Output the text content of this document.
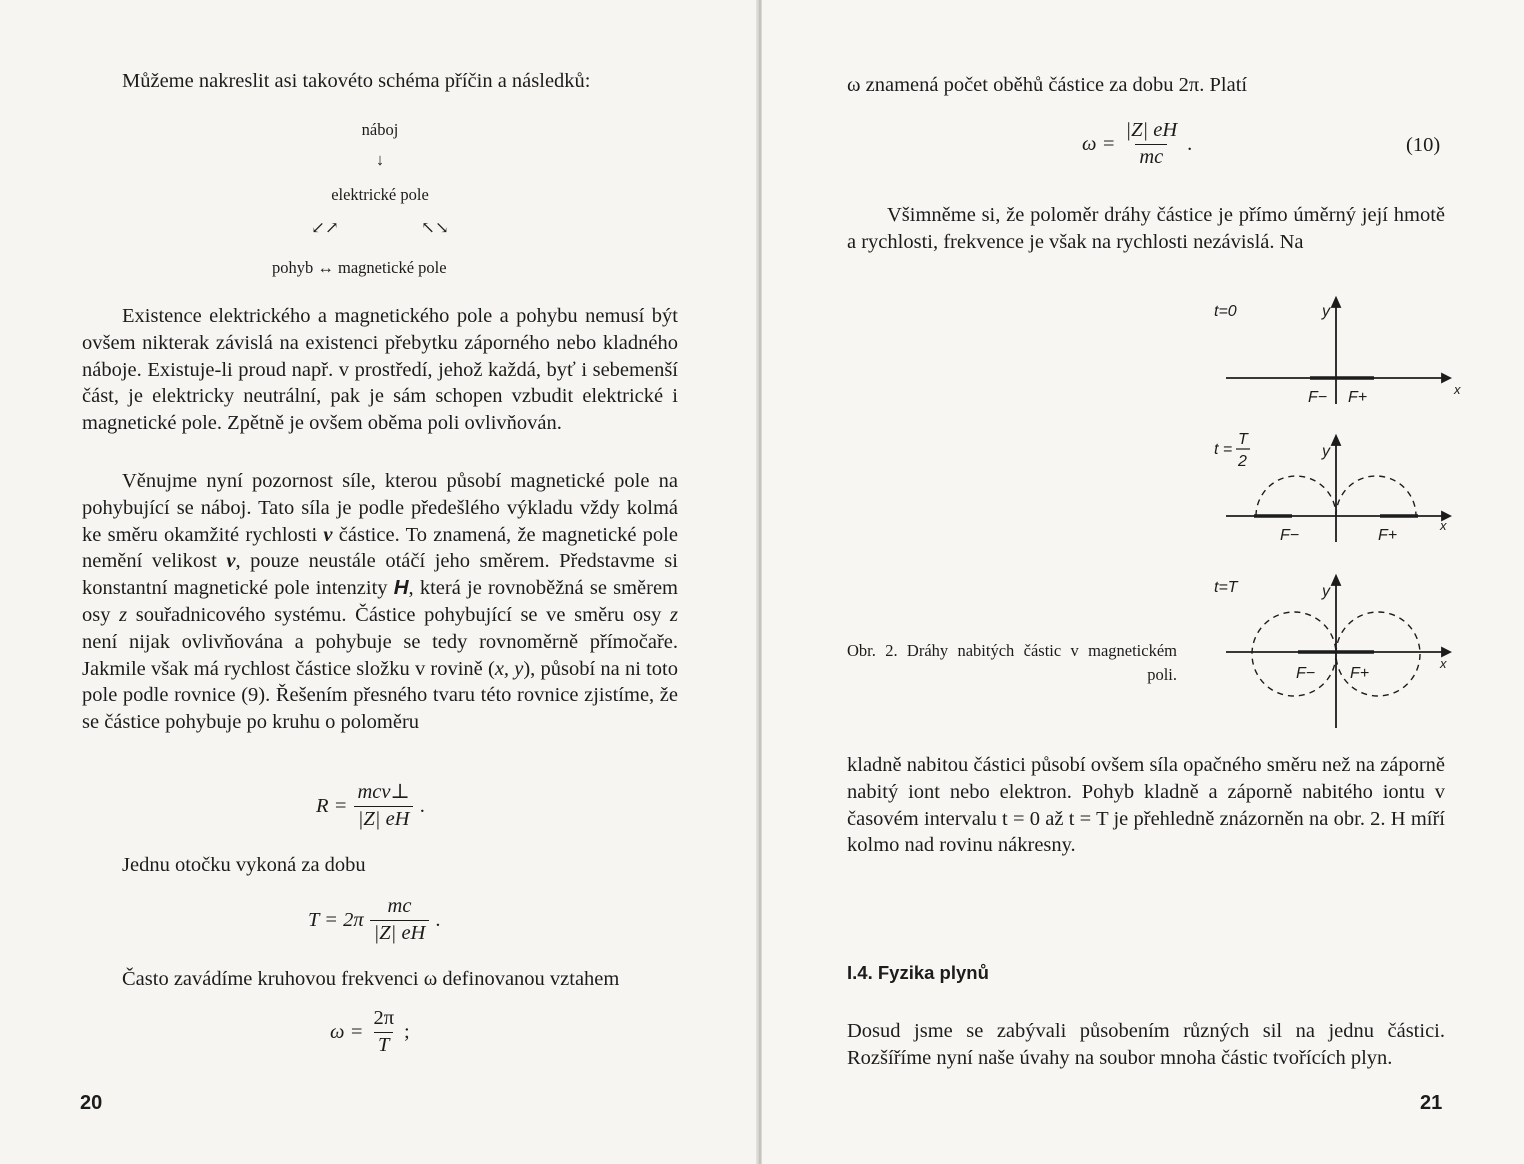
Můžeme nakreslit asi takovéto schéma příčin a následků:

náboj
↓
elektrické pole
↙↗	↖↘
pohyb ↔ magnetické pole

Existence elektrického a magnetického pole a pohybu nemusí být ovšem nikterak závislá na existenci přebytku záporného nebo kladného náboje. Existuje-li proud např. v prostředí, jehož každá, byť i sebemenší část, je elektricky neutrální, pak je sám schopen vzbudit elektrické i magnetické pole. Zpětně je ovšem oběma poli ovlivňován.

Věnujme nyní pozornost síle, kterou působí magnetické pole na pohybující se náboj. Tato síla je podle předešlého výkladu vždy kolmá ke směru okamžité rychlosti v částice. To znamená, že magnetické pole nemění velikost v, pouze neustále otáčí jeho směrem. Představme si konstantní magnetické pole intenzity H, která je rovnoběžná se směrem osy z souřadnicového systému. Částice pohybující se ve směru osy z není nijak ovlivňována a pohybuje se tedy rovnoměrně přímočaře. Jakmile však má rychlost částice složku v rovině (x, y), působí na ni toto pole podle rovnice (9). Řešením přesného tvaru této rovnice zjistíme, že se částice pohybuje po kruhu o poloměru

$R = \frac{\text{mcv⊥}}{|Z| eH}$ .

Jednu otočku vykoná za dobu

$T = 2\pi \frac{mc}{|Z| eH}$ .

Často zavádíme kruhovou frekvenci ω definovanou vztahem

$\omega = \frac{2\pi}{T}$ ;
20

ω znamená počet oběhů částice za dobu 2π. Platí

$\omega = \frac{|Z| eH}{mc}$ .	(10)

Všimněme si, že poloměr dráhy částice je přímo úměrný její hmotě a rychlosti, frekvence je však na rychlosti nezávislá. Na

t=0	y
x
F− F+
t =
T
2
y
x
F−	F+
t=T	y
x
F− F+

Obr. 2. Dráhy nabitých částic v magnetickém poli.

kladně nabitou částici působí ovšem síla opačného směru než na záporně nabitý iont nebo elektron. Pohyb kladně a záporně nabitého iontu v časovém intervalu t = 0 až t = T je přehledně znázorněn na obr. 2. H míří kolmo nad rovinu nákresny.

I.4. Fyzika plynů

Dosud jsme se zabývali působením různých sil na jednu částici. Rozšíříme nyní naše úvahy na soubor mnoha částic tvořících plyn.

21
